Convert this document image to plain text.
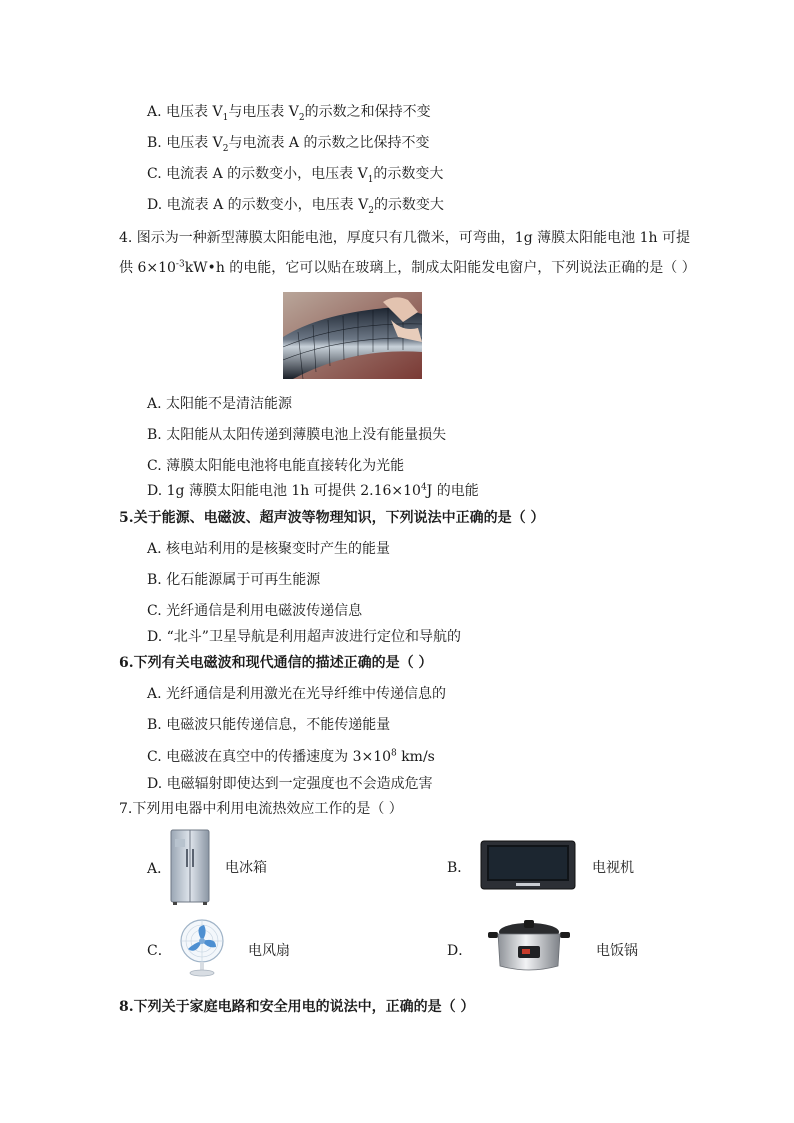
A. 电压表 $V_1$与电压表 $V_2$的示数之和保持不变
B. 电压表 $V_2$与电流表 A 的示数之比保持不变
C. 电流表 A 的示数变小，电压表 $V_1$的示数变大
D. 电流表 A 的示数变小，电压表 $V_2$的示数变大
4. 图示为一种新型薄膜太阳能电池，厚度只有几微米，可弯曲，1g 薄膜太阳能电池 1h 可提
供 $6\times 10^{-3}kW•h$ 的电能，它可以贴在玻璃上，制成太阳能发电窗户，下列说法正确的是（ ）
A. 太阳能不是清洁能源
B. 太阳能从太阳传递到薄膜电池上没有能量损失
C. 薄膜太阳能电池将电能直接转化为光能
D. 1g 薄膜太阳能电池 1h 可提供 $2.16\times 10^4J$ 的电能
5.关于能源、电磁波、超声波等物理知识，下列说法中正确的是（ ）
A. 核电站利用的是核聚变时产生的能量
B. 化石能源属于可再生能源
C. 光纤通信是利用电磁波传递信息
D. “北斗”卫星导航是利用超声波进行定位和导航的
6.下列有关电磁波和现代通信的描述正确的是（ ）
A. 光纤通信是利用激光在光导纤维中传递信息的
B. 电磁波只能传递信息，不能传递能量
C. 电磁波在真空中的传播速度为 $3\times 10^8$ km/s
D. 电磁辐射即使达到一定强度也不会造成危害
7.下列用电器中利用电流热效应工作的是（ ）
A．	电冰箱	B．	电视机
C．	电风扇	D．	电饭锅
8.下列关于家庭电路和安全用电的说法中，正确的是（ ）
